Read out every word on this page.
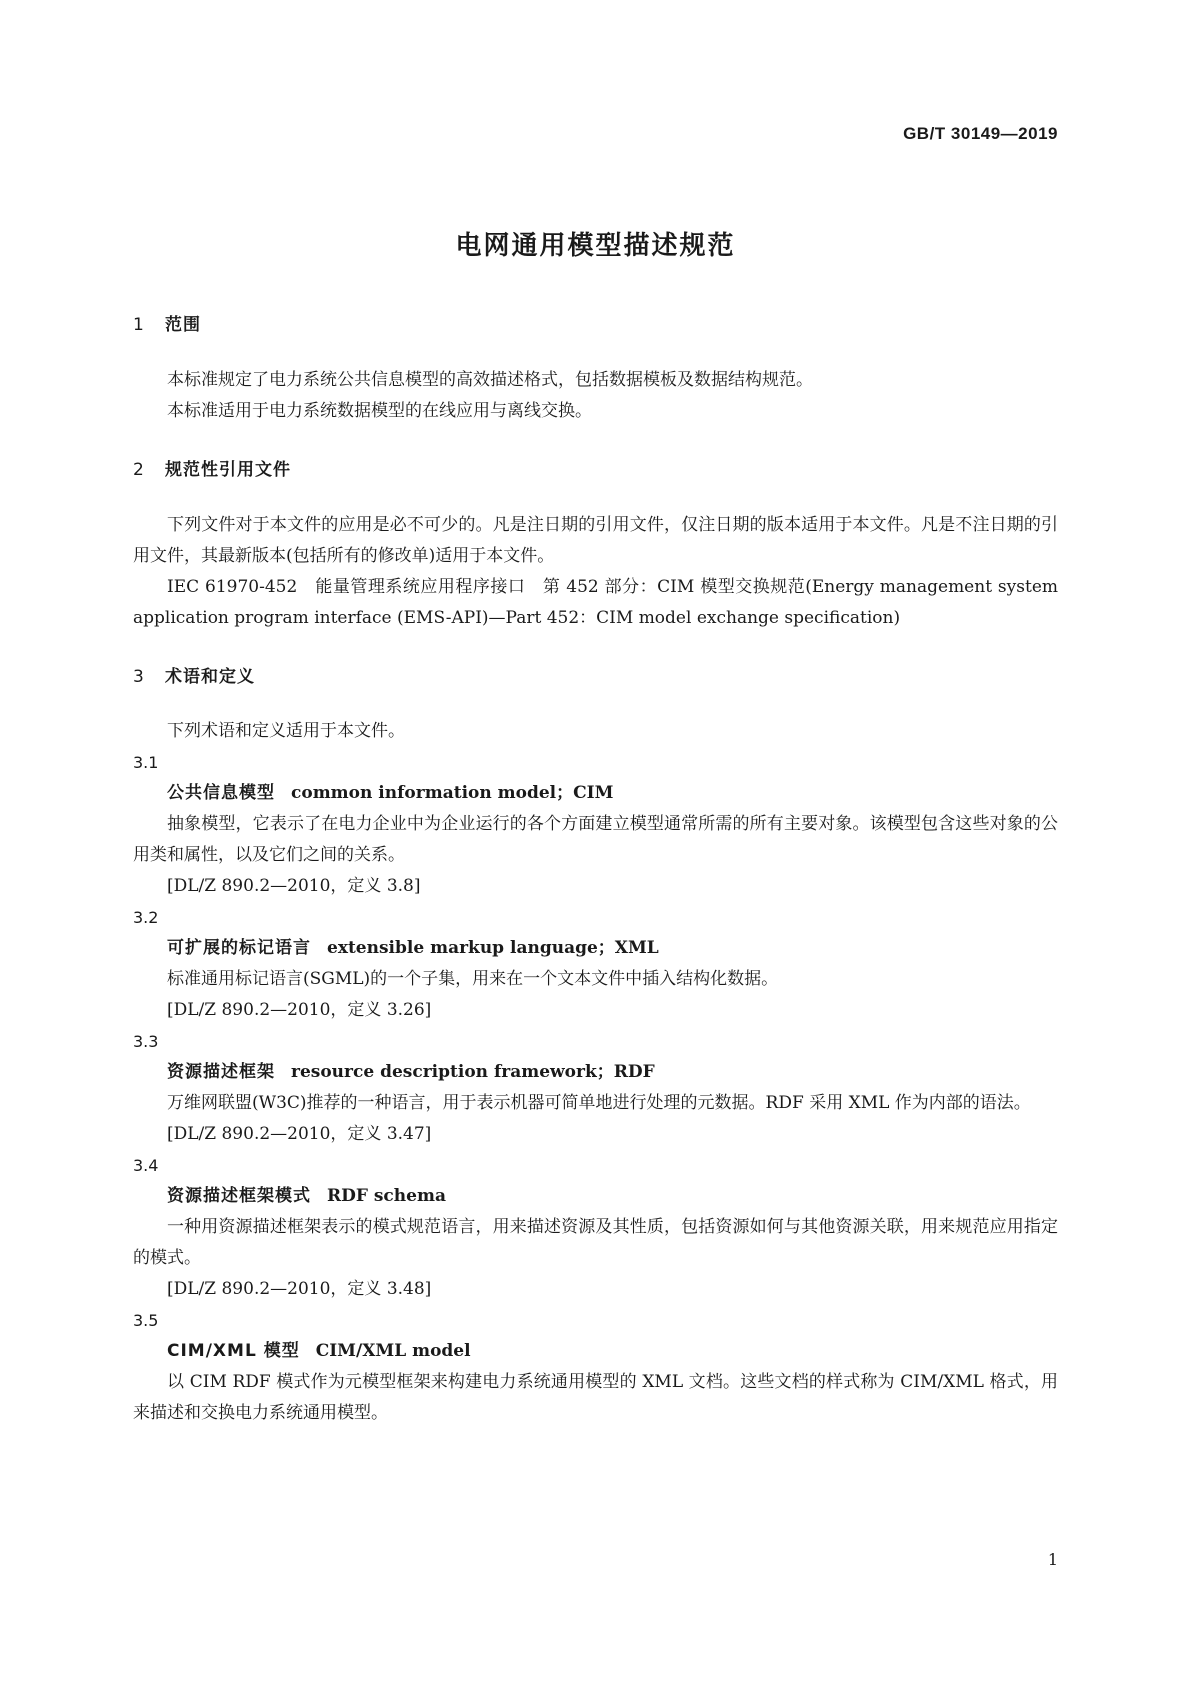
GB/T 30149—2019

电网通用模型描述规范
1 范围

本标准规定了电力系统公共信息模型的高效描述格式，包括数据模板及数据结构规范。

本标准适用于电力系统数据模型的在线应用与离线交换。

2 规范性引用文件

下列文件对于本文件的应用是必不可少的。凡是注日期的引用文件，仅注日期的版本适用于本文件。凡是不注日期的引用文件，其最新版本(包括所有的修改单)适用于本文件。

IEC 61970-452　能量管理系统应用程序接口　第 452 部分：CIM 模型交换规范(Energy management system application program interface (EMS-API)—Part 452：CIM model exchange specification)

3 术语和定义

下列术语和定义适用于本文件。

3.1

公共信息模型 common information model；CIM

抽象模型，它表示了在电力企业中为企业运行的各个方面建立模型通常所需的所有主要对象。该模型包含这些对象的公用类和属性，以及它们之间的关系。

[DL/Z 890.2—2010，定义 3.8]

3.2

可扩展的标记语言 extensible markup language；XML

标准通用标记语言(SGML)的一个子集，用来在一个文本文件中插入结构化数据。

[DL/Z 890.2—2010，定义 3.26]

3.3

资源描述框架 resource description framework；RDF

万维网联盟(W3C)推荐的一种语言，用于表示机器可简单地进行处理的元数据。RDF 采用 XML 作为内部的语法。

[DL/Z 890.2—2010，定义 3.47]

3.4

资源描述框架模式 RDF schema

一种用资源描述框架表示的模式规范语言，用来描述资源及其性质，包括资源如何与其他资源关联，用来规范应用指定的模式。

[DL/Z 890.2—2010，定义 3.48]

3.5

CIM/XML 模型 CIM/XML model

以 CIM RDF 模式作为元模型框架来构建电力系统通用模型的 XML 文档。这些文档的样式称为 CIM/XML 格式，用来描述和交换电力系统通用模型。

1
